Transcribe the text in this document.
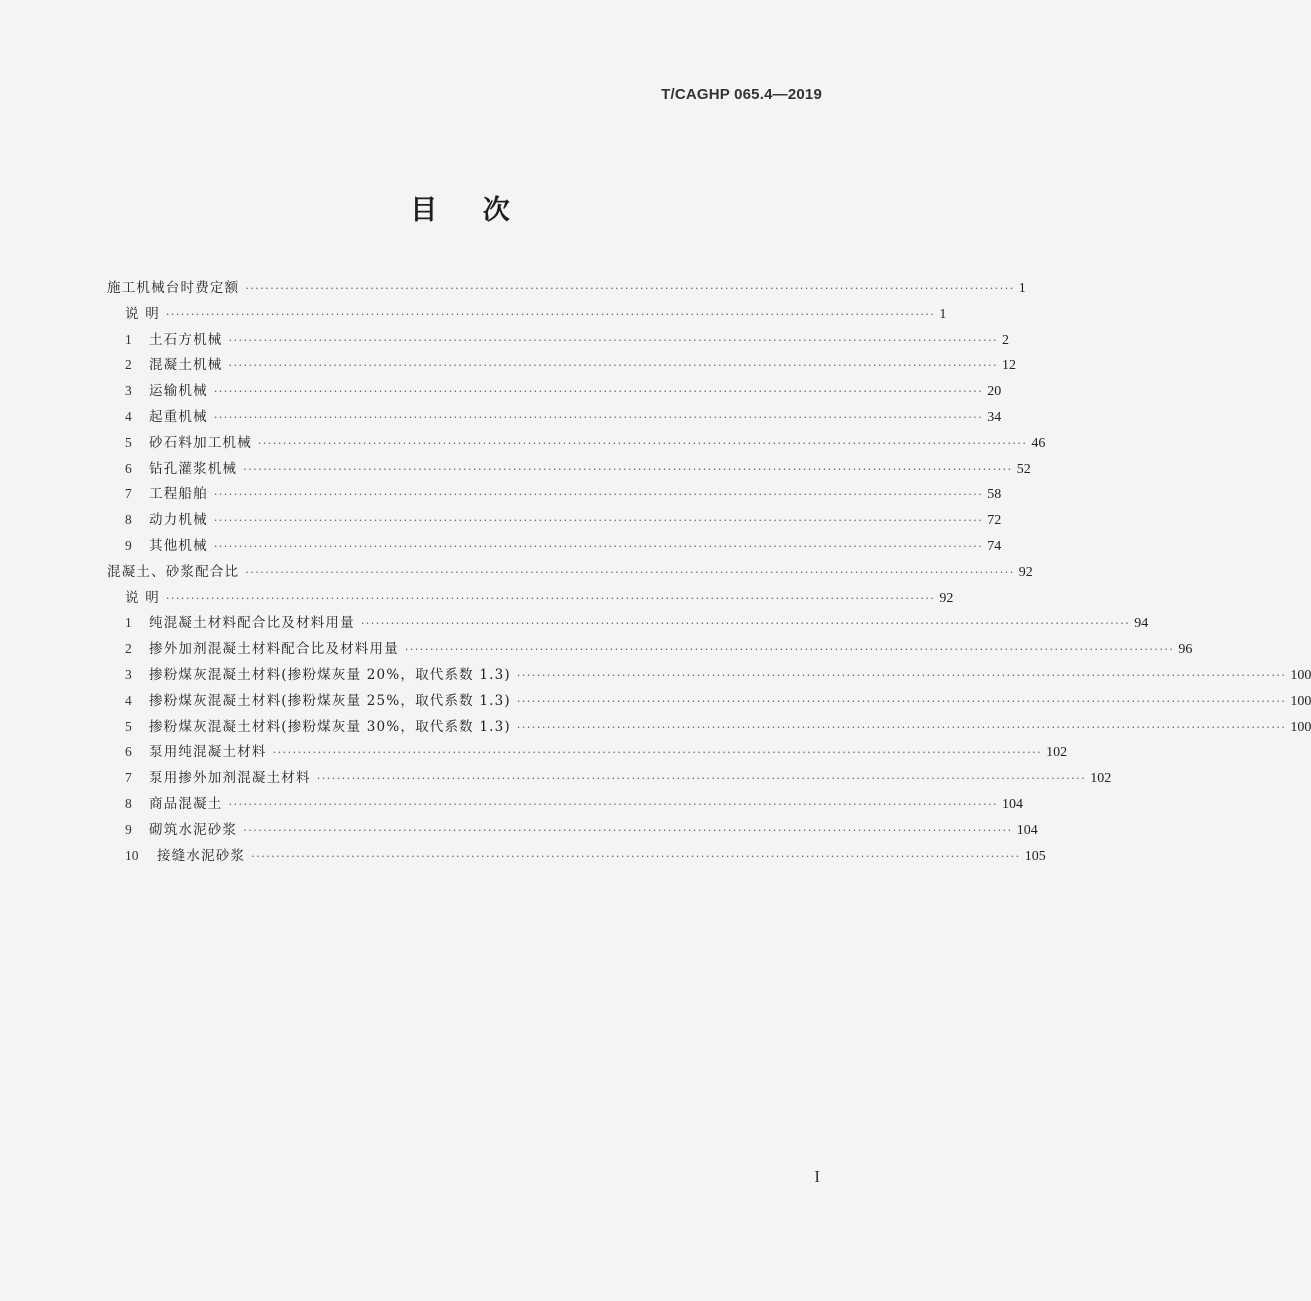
T/CAGHP 065.4—2019
目 次
施工机械台时费定额 ·························································································································································· 1
说 明 ·························································································································································· 1
1	土石方机械 ·························································································································································· 2
2	混凝土机械 ·························································································································································· 12
3	运输机械 ·························································································································································· 20
4	起重机械 ·························································································································································· 34
5	砂石料加工机械 ·························································································································································· 46
6	钻孔灌浆机械 ·························································································································································· 52
7	工程船舶 ·························································································································································· 58
8	动力机械 ·························································································································································· 72
9	其他机械 ·························································································································································· 74
混凝土、砂浆配合比 ·························································································································································· 92
说 明 ·························································································································································· 92
1	纯混凝土材料配合比及材料用量 ·························································································································································· 94
2	掺外加剂混凝土材料配合比及材料用量 ·························································································································································· 96
3	掺粉煤灰混凝土材料(掺粉煤灰量 20%，取代系数 1.3) ·························································································································································· 100
4	掺粉煤灰混凝土材料(掺粉煤灰量 25%，取代系数 1.3) ·························································································································································· 100
5	掺粉煤灰混凝土材料(掺粉煤灰量 30%，取代系数 1.3) ·························································································································································· 100
6	泵用纯混凝土材料 ·························································································································································· 102
7	泵用掺外加剂混凝土材料 ·························································································································································· 102
8	商品混凝土 ·························································································································································· 104
9	砌筑水泥砂浆 ·························································································································································· 104
10	接缝水泥砂浆 ·························································································································································· 105
I
